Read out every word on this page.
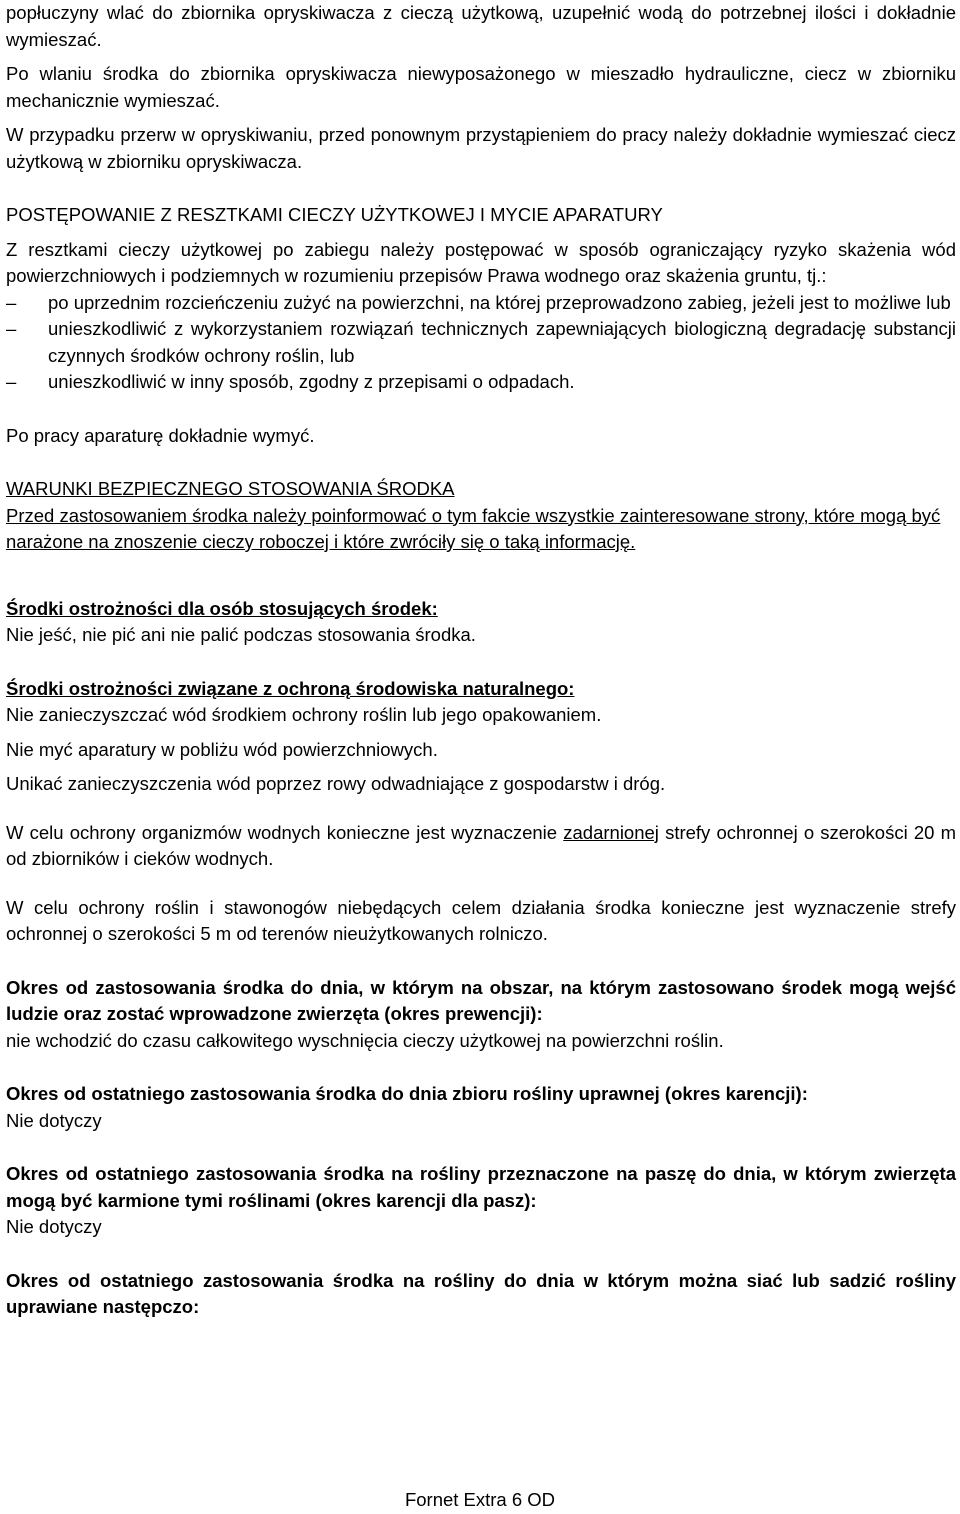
popłuczyny wlać do zbiornika opryskiwacza z cieczą użytkową, uzupełnić wodą do potrzebnej ilości i dokładnie wymieszać.

Po wlaniu środka do zbiornika opryskiwacza niewyposażonego w mieszadło hydrauliczne, ciecz w zbiorniku mechanicznie wymieszać.

W przypadku przerw w opryskiwaniu, przed ponownym przystąpieniem do pracy należy dokładnie wymieszać ciecz użytkową w zbiorniku opryskiwacza.

POSTĘPOWANIE Z RESZTKAMI CIECZY UŻYTKOWEJ I MYCIE APARATURY

Z resztkami cieczy użytkowej po zabiegu należy postępować w sposób ograniczający ryzyko skażenia wód powierzchniowych i podziemnych w rozumieniu przepisów Prawa wodnego oraz skażenia gruntu, tj.:

–	po uprzednim rozcieńczeniu zużyć na powierzchni, na której przeprowadzono zabieg, jeżeli jest to możliwe lub
–	unieszkodliwić z wykorzystaniem rozwiązań technicznych zapewniających biologiczną degradację substancji czynnych środków ochrony roślin, lub
–	unieszkodliwić w inny sposób, zgodny z przepisami o odpadach.

Po pracy aparaturę dokładnie wymyć.

WARUNKI BEZPIECZNEGO STOSOWANIA ŚRODKA

Przed zastosowaniem środka należy poinformować o tym fakcie wszystkie zainteresowane strony, które mogą być narażone na znoszenie cieczy roboczej i które zwróciły się o taką informację.

Środki ostrożności dla osób stosujących środek:

Nie jeść, nie pić ani nie palić podczas stosowania środka.

Środki ostrożności związane z ochroną środowiska naturalnego:

Nie zanieczyszczać wód środkiem ochrony roślin lub jego opakowaniem.

Nie myć aparatury w pobliżu wód powierzchniowych.

Unikać zanieczyszczenia wód poprzez rowy odwadniające z gospodarstw i dróg.

W celu ochrony organizmów wodnych konieczne jest wyznaczenie zadarnionej strefy ochronnej o szerokości 20 m od zbiorników i cieków wodnych.

W celu ochrony roślin i stawonogów niebędących celem działania środka konieczne jest wyznaczenie strefy ochronnej o szerokości 5 m od terenów nieużytkowanych rolniczo.

Okres od zastosowania środka do dnia, w którym na obszar, na którym zastosowano środek mogą wejść ludzie oraz zostać wprowadzone zwierzęta (okres prewencji):

nie wchodzić do czasu całkowitego wyschnięcia cieczy użytkowej na powierzchni roślin.

Okres od ostatniego zastosowania środka do dnia zbioru rośliny uprawnej (okres karencji):

Nie dotyczy

Okres od ostatniego zastosowania środka na rośliny przeznaczone na paszę do dnia, w którym zwierzęta mogą być karmione tymi roślinami (okres karencji dla pasz):

Nie dotyczy

Okres od ostatniego zastosowania środka na rośliny do dnia w którym można siać lub sadzić rośliny uprawiane następczo:

Fornet Extra 6 OD
